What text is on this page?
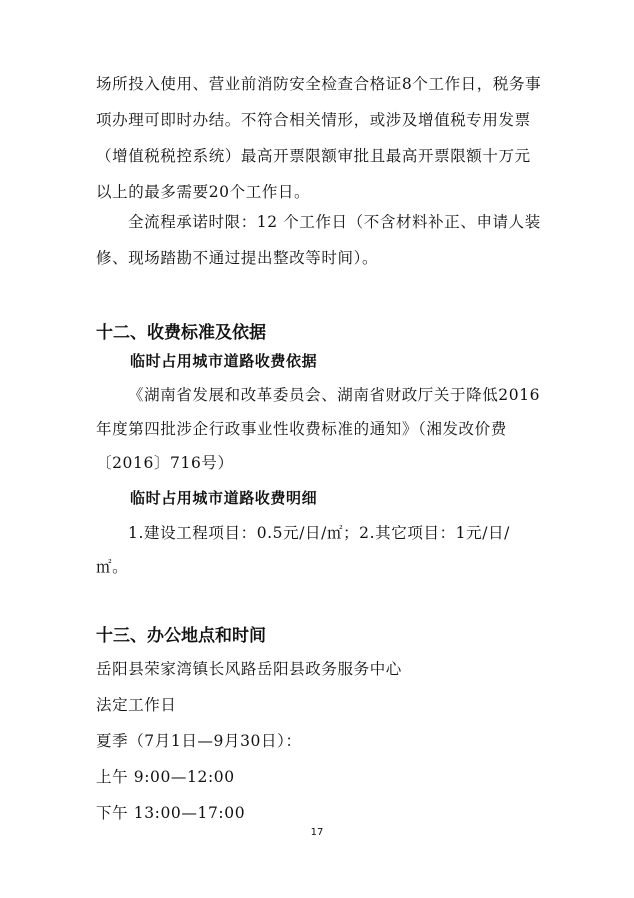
场所投入使用、营业前消防安全检查合格证8个工作日，税务事项办理可即时办结。不符合相关情形，或涉及增值税专用发票（增值税税控系统）最高开票限额审批且最高开票限额十万元以上的最多需要20个工作日。

全流程承诺时限：12 个工作日（不含材料补正、申请人装修、现场踏勘不通过提出整改等时间）。

十二、收费标准及依据
临时占用城市道路收费依据

《湖南省发展和改革委员会、湖南省财政厅关于降低2016年度第四批涉企行政事业性收费标准的通知》（湘发改价费〔2016〕716号）

临时占用城市道路收费明细

1.建设工程项目：0.5元/日/㎡；2.其它项目：1元/日/㎡。

十三、办公地点和时间

岳阳县荣家湾镇长风路岳阳县政务服务中心

法定工作日

夏季（7月1日—9月30日）：

上午 9:00—12:00

下午 13:00—17:00

17
